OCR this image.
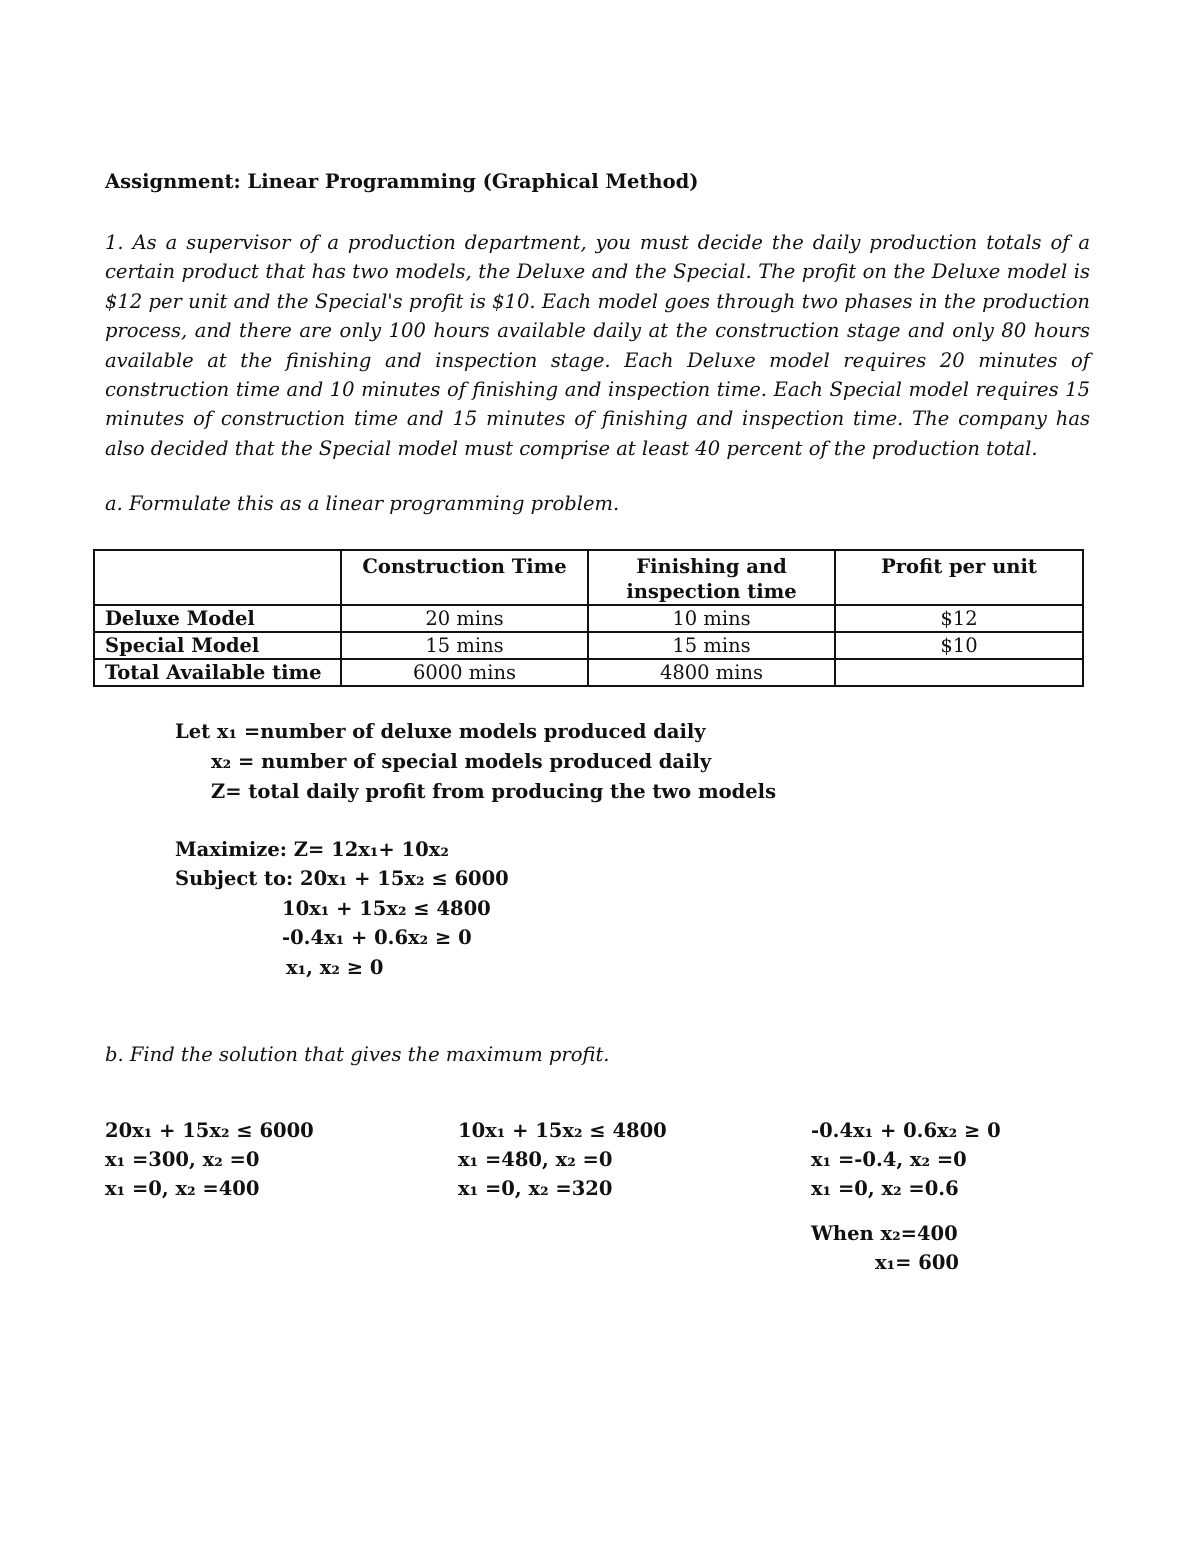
Assignment: Linear Programming (Graphical Method)

1. As a supervisor of a production department, you must decide the daily production totals of a certain product that has two models, the Deluxe and the Special. The profit on the Deluxe model is $12 per unit and the Special's profit is $10. Each model goes through two phases in the production process, and there are only 100 hours available daily at the construction stage and only 80 hours available at the finishing and inspection stage. Each Deluxe model requires 20 minutes of construction time and 10 minutes of finishing and inspection time. Each Special model requires 15 minutes of construction time and 15 minutes of finishing and inspection time. The company has also decided that the Special model must comprise at least 40 percent of the production total.

a. Formulate this as a linear programming problem.
	Construction Time	Finishing and inspection time	Profit per unit
Deluxe Model	20 mins	10 mins	$12
Special Model	15 mins	15 mins	$10
Total Available time	6000 mins	4800 mins	
Let x₁ =number of deluxe models produced daily
x₂ = number of special models produced daily
Z= total daily profit from producing the two models
Maximize: Z= 12x₁+ 10x₂
Subject to: 20x₁ + 15x₂ ≤ 6000
10x₁ + 15x₂ ≤ 4800
-0.4x₁ + 0.6x₂ ≥ 0
x₁, x₂ ≥ 0
b. Find the solution that gives the maximum profit.
20x₁ + 15x₂ ≤ 6000
x₁ =300, x₂ =0
x₁ =0, x₂ =400
10x₁ + 15x₂ ≤ 4800
x₁ =480, x₂ =0
x₁ =0, x₂ =320
-0.4x₁ + 0.6x₂ ≥ 0
x₁ =-0.4, x₂ =0
x₁ =0, x₂ =0.6
When x₂=400
x₁= 600
